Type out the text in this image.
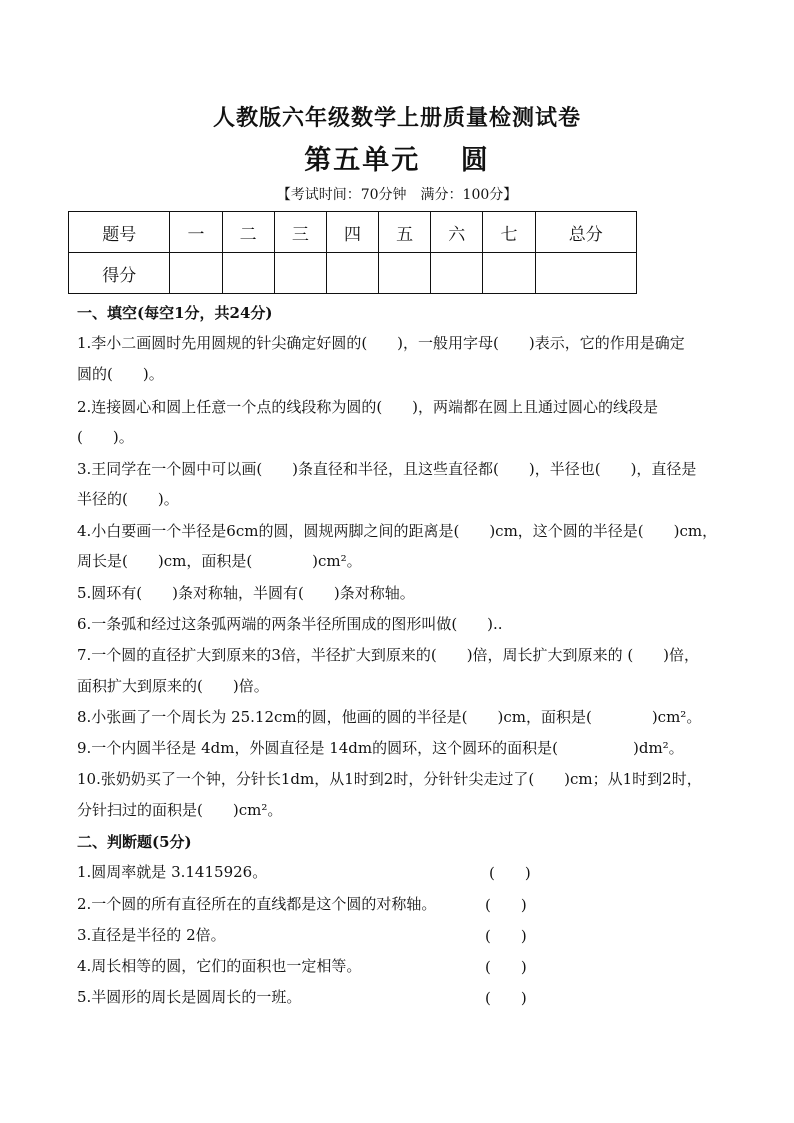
人教版六年级数学上册质量检测试卷
第五单元　 圆
【考试时间：70分钟　满分：100分】
题号	一	二	三	四	五	六	七	总分
得分								
一、填空(每空1分，共24分)
1.李小二画圆时先用圆规的针尖确定好圆的(　　)，一般用字母(　　)表示，它的作用是确定
圆的(　　)。
2.连接圆心和圆上任意一个点的线段称为圆的(　　)，两端都在圆上且通过圆心的线段是
(　　)。
3.王同学在一个圆中可以画(　　)条直径和半径，且这些直径都(　　)，半径也(　　)，直径是
半径的(　　)。
4.小白要画一个半径是6cm的圆，圆规两脚之间的距离是(　　)cm，这个圆的半径是(　　)cm，
周长是(　　)cm，面积是(　　　　)cm²。
5.圆环有(　　)条对称轴，半圆有(　　)条对称轴。
6.一条弧和经过这条弧两端的两条半径所围成的图形叫做(　　)..
7.一个圆的直径扩大到原来的3倍，半径扩大到原来的(　　)倍，周长扩大到原来的 (　　)倍，
面积扩大到原来的(　　)倍。
8.小张画了一个周长为 25.12cm的圆，他画的圆的半径是(　　)cm，面积是(　　　　)cm²。
9.一个内圆半径是 4dm，外圆直径是 14dm的圆环，这个圆环的面积是(　　　　　)dm²。
10.张奶奶买了一个钟，分针长1dm，从1时到2时，分针针尖走过了(　　)cm；从1时到2时，
分针扫过的面积是(　　)cm²。
二、判断题(5分)
1.圆周率就是 3.1415926。	(　　)
2.一个圆的所有直径所在的直线都是这个圆的对称轴。	(　　)
3.直径是半径的 2倍。	(　　)
4.周长相等的圆，它们的面积也一定相等。	(　　)
5.半圆形的周长是圆周长的一班。	(　　)
